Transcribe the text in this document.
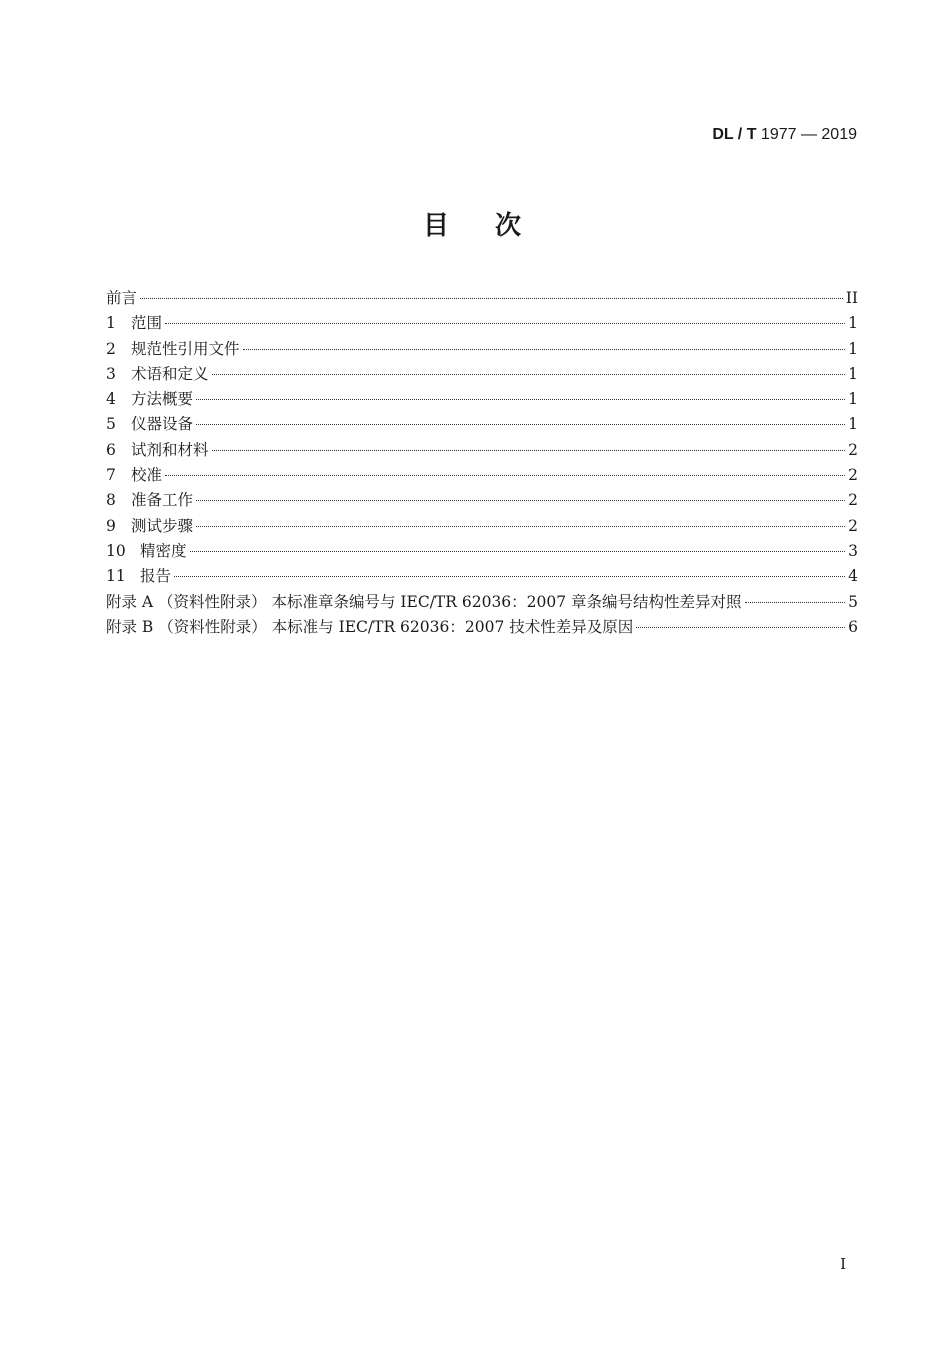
DL / T 1977 — 2019
目次
前言	II
1 范围	1
2 规范性引用文件	1
3 术语和定义	1
4 方法概要	1
5 仪器设备	1
6 试剂和材料	2
7 校准	2
8 准备工作	2
9 测试步骤	2
10 精密度	3
11 报告	4
附录 A （资料性附录） 本标准章条编号与 IEC/TR 62036：2007 章条编号结构性差异对照	5
附录 B （资料性附录） 本标准与 IEC/TR 62036：2007 技术性差异及原因	6
I
